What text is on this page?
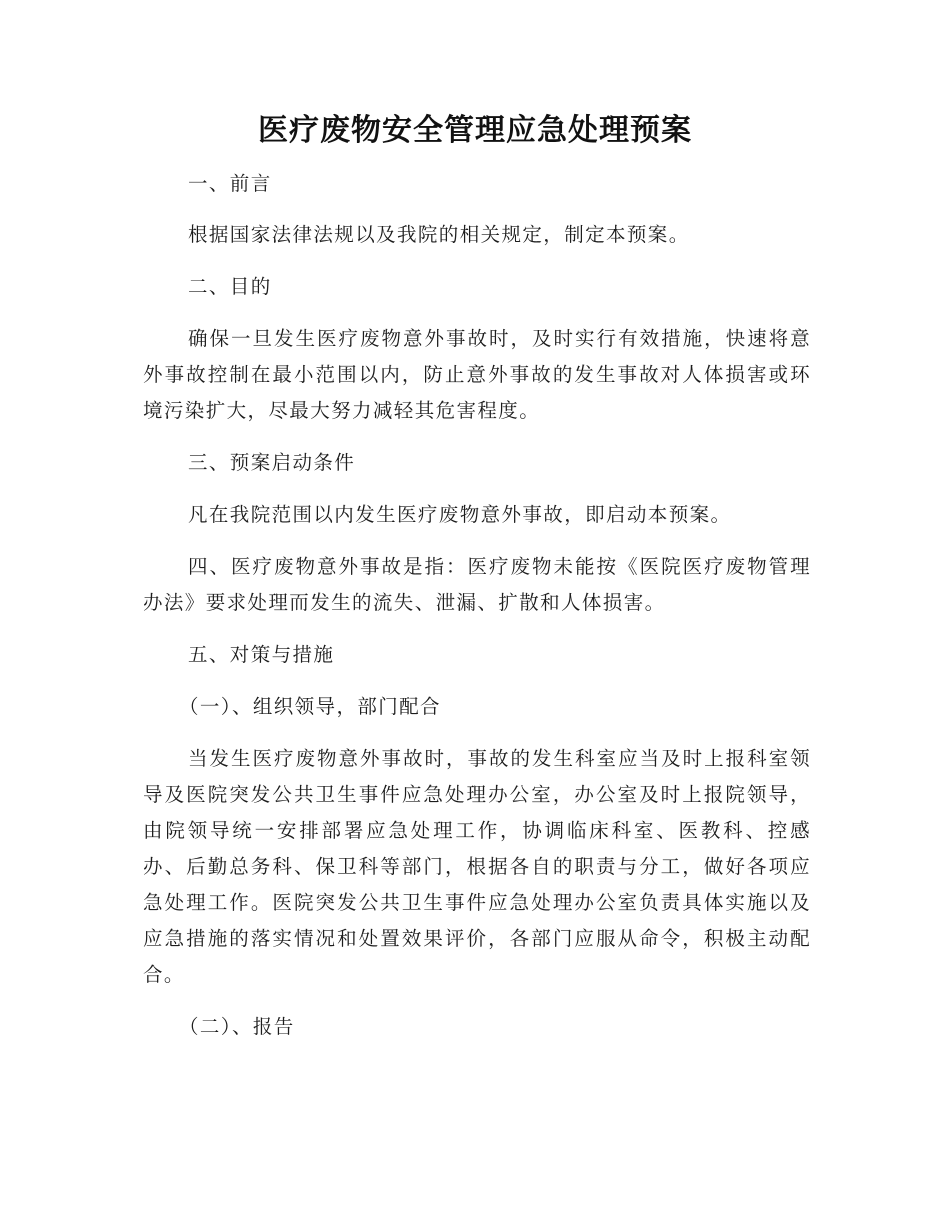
医疗废物安全管理应急处理预案

一、前言

根据国家法律法规以及我院的相关规定，制定本预案。

二、目的

确保一旦发生医疗废物意外事故时，及时实行有效措施，快速将意外事故控制在最小范围以内，防止意外事故的发生事故对人体损害或环境污染扩大，尽最大努力减轻其危害程度。

三、预案启动条件

凡在我院范围以内发生医疗废物意外事故，即启动本预案。

四、医疗废物意外事故是指：医疗废物未能按《医院医疗废物管理办法》要求处理而发生的流失、泄漏、扩散和人体损害。

五、对策与措施

（一）、组织领导，部门配合

当发生医疗废物意外事故时，事故的发生科室应当及时上报科室领导及医院突发公共卫生事件应急处理办公室，办公室及时上报院领导，由院领导统一安排部署应急处理工作，协调临床科室、医教科、控感办、后勤总务科、保卫科等部门，根据各自的职责与分工，做好各项应急处理工作。医院突发公共卫生事件应急处理办公室负责具体实施以及应急措施的落实情况和处置效果评价，各部门应服从命令，积极主动配合。

（二）、报告
